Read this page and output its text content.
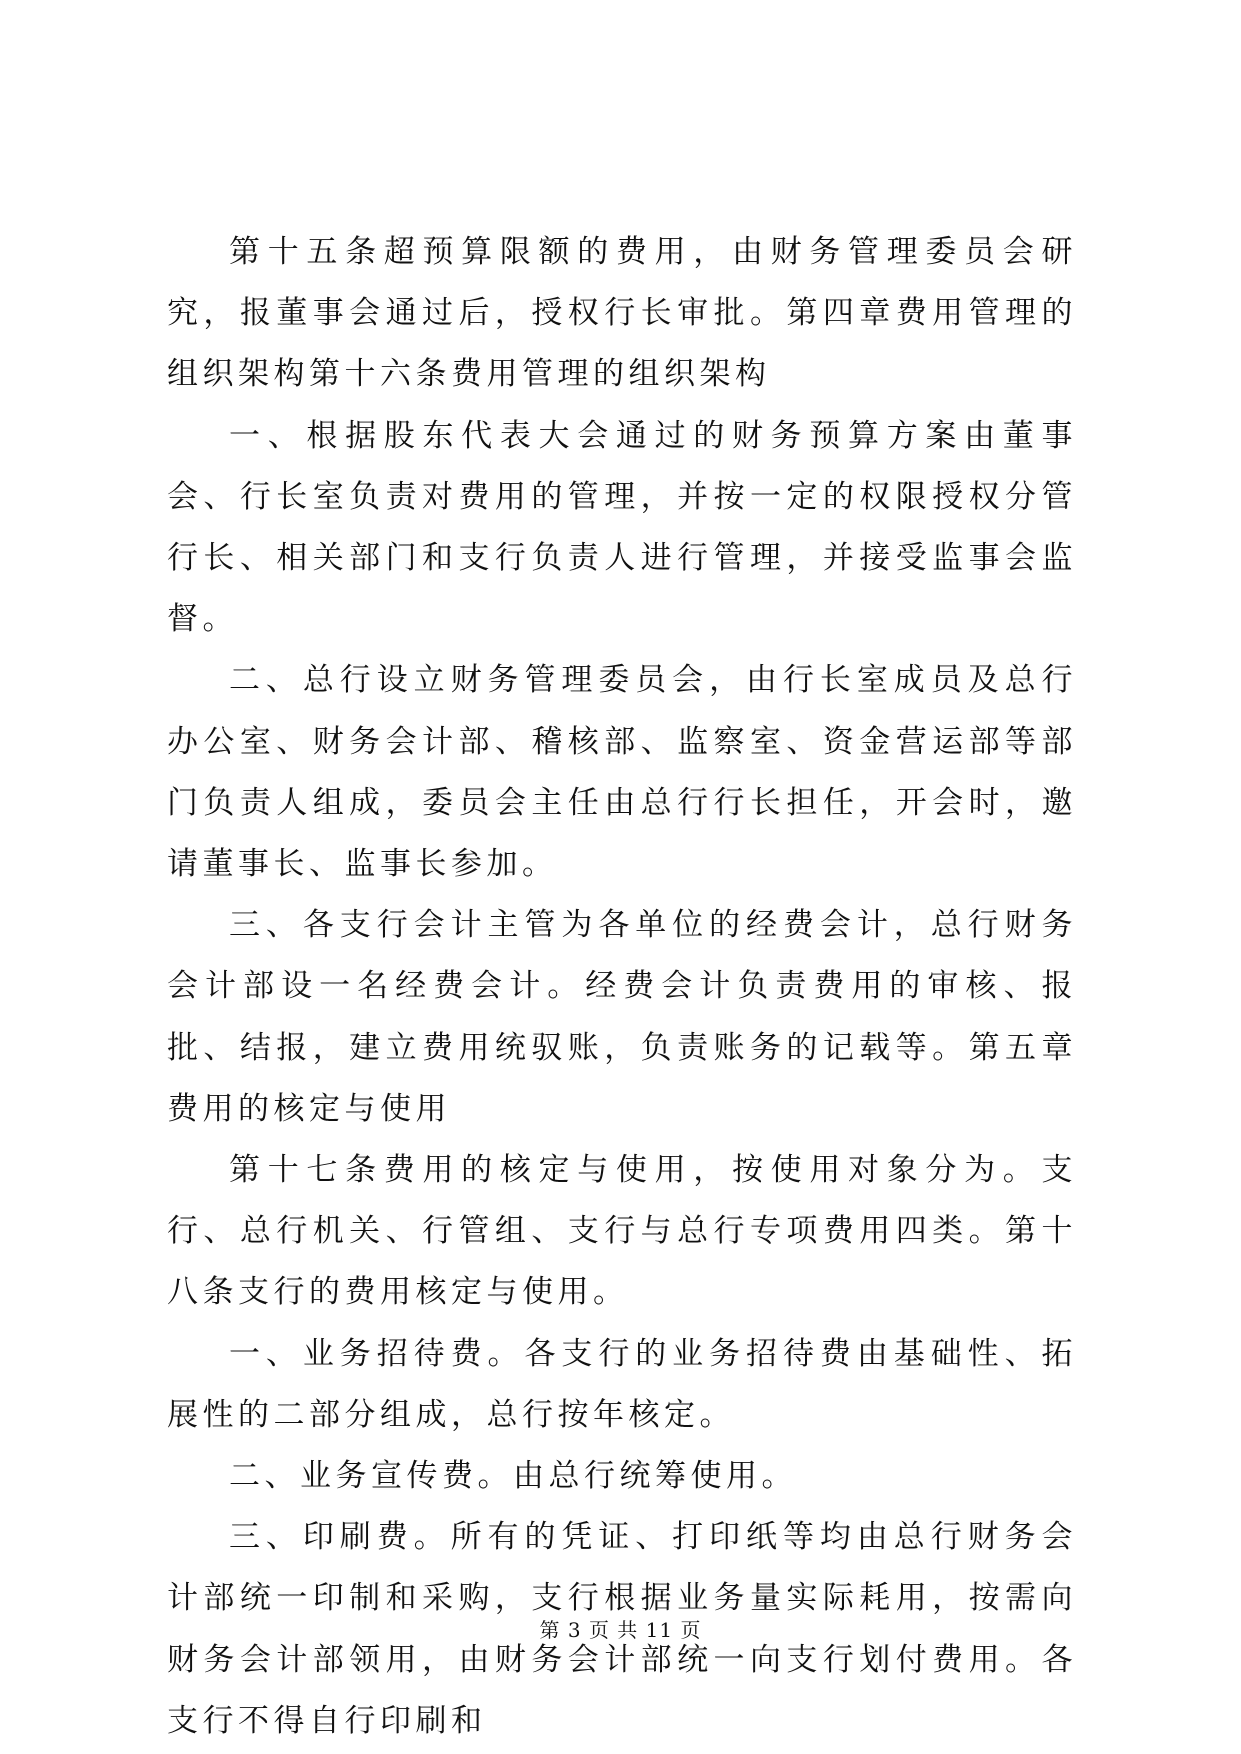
第十五条超预算限额的费用，由财务管理委员会研究，报董事会通过后，授权行长审批。第四章费用管理的组织架构第十六条费用管理的组织架构

一、根据股东代表大会通过的财务预算方案由董事会、行长室负责对费用的管理，并按一定的权限授权分管行长、相关部门和支行负责人进行管理，并接受监事会监督。

二、总行设立财务管理委员会，由行长室成员及总行办公室、财务会计部、稽核部、监察室、资金营运部等部门负责人组成，委员会主任由总行行长担任，开会时，邀请董事长、监事长参加。

三、各支行会计主管为各单位的经费会计，总行财务会计部设一名经费会计。经费会计负责费用的审核、报批、结报，建立费用统驭账，负责账务的记载等。第五章费用的核定与使用

第十七条费用的核定与使用，按使用对象分为。支行、总行机关、行管组、支行与总行专项费用四类。第十八条支行的费用核定与使用。

一、业务招待费。各支行的业务招待费由基础性、拓展性的二部分组成，总行按年核定。

二、业务宣传费。由总行统筹使用。

三、印刷费。所有的凭证、打印纸等均由总行财务会计部统一印制和采购，支行根据业务量实际耗用，按需向财务会计部领用，由财务会计部统一向支行划付费用。各支行不得自行印刷和

第 3 页 共 11 页
